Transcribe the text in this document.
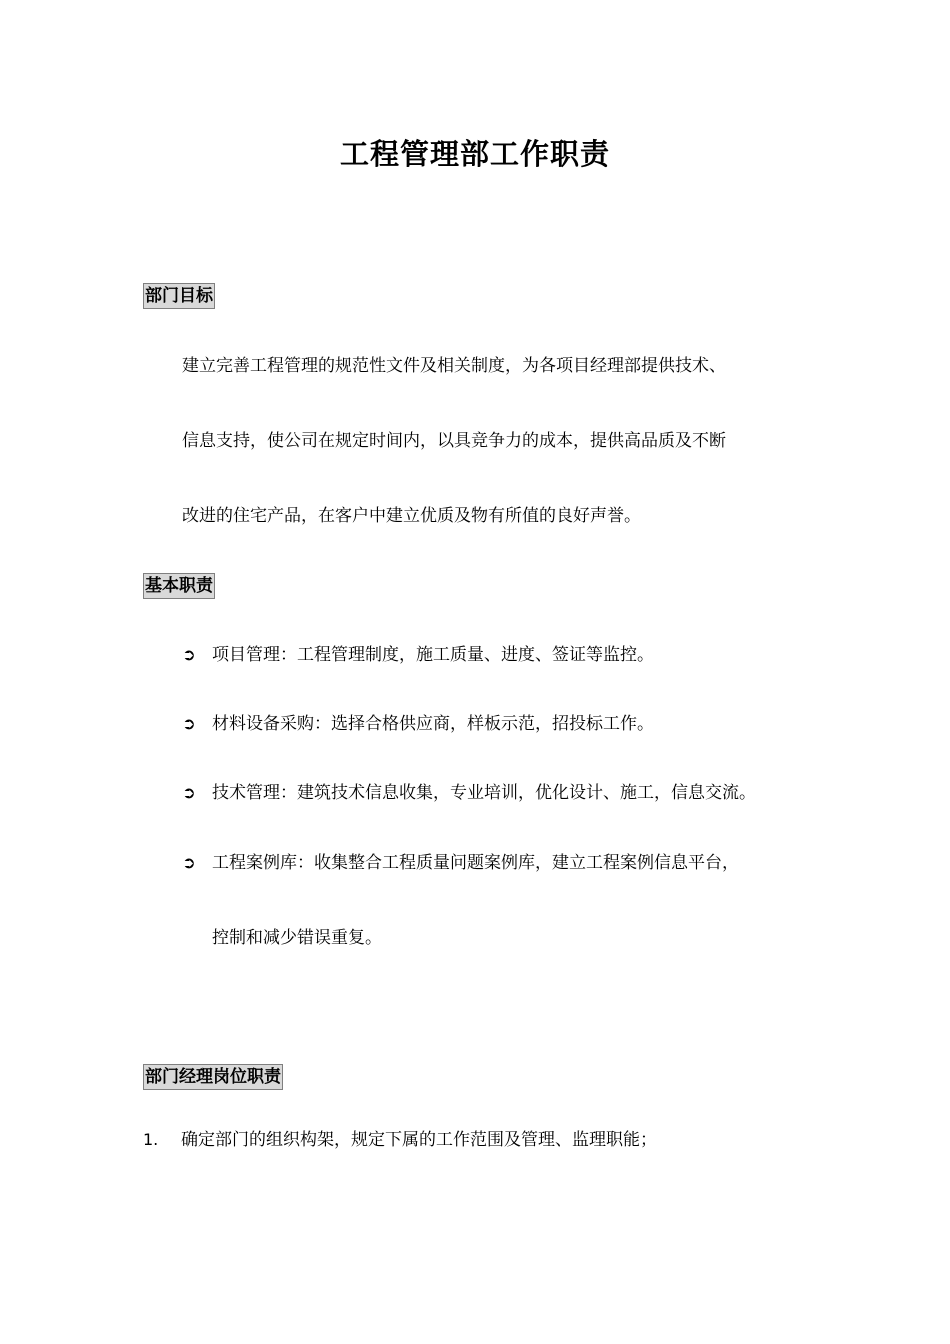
工程管理部工作职责
部门目标
建立完善工程管理的规范性文件及相关制度，为各项目经理部提供技术、
信息支持，使公司在规定时间内，以具竞争力的成本，提供高品质及不断
改进的住宅产品，在客户中建立优质及物有所值的良好声誉。
基本职责
➲ 项目管理：工程管理制度，施工质量、进度、签证等监控。
➲ 材料设备采购：选择合格供应商，样板示范，招投标工作。
➲ 技术管理：建筑技术信息收集，专业培训，优化设计、施工，信息交流。
➲ 工程案例库：收集整合工程质量问题案例库，建立工程案例信息平台，
控制和减少错误重复。
部门经理岗位职责
1. 确定部门的组织构架，规定下属的工作范围及管理、监理职能；
